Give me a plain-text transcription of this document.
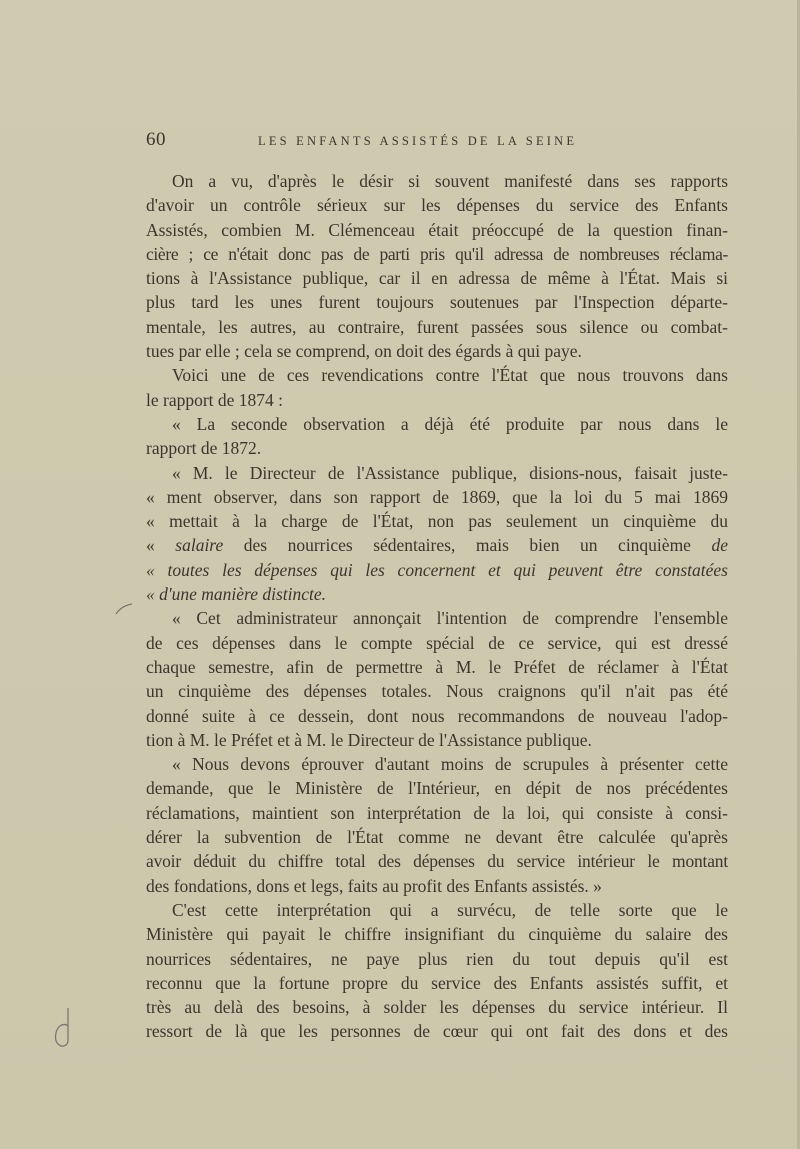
60	LES ENFANTS ASSISTÉS DE LA SEINE
On a vu, d'après le désir si souvent manifesté dans ses rapports
d'avoir un contrôle sérieux sur les dépenses du service des Enfants
Assistés, combien M. Clémenceau était préoccupé de la question finan-
cière ; ce n'était donc pas de parti pris qu'il adressa de nombreuses réclama-
tions à l'Assistance publique, car il en adressa de même à l'État. Mais si
plus tard les unes furent toujours soutenues par l'Inspection départe-
mentale, les autres, au contraire, furent passées sous silence ou combat-
tues par elle ; cela se comprend, on doit des égards à qui paye.
Voici une de ces revendications contre l'État que nous trouvons dans
le rapport de 1874 :
« La seconde observation a déjà été produite par nous dans le
rapport de 1872.
« M. le Directeur de l'Assistance publique, disions-nous, faisait juste-
« ment observer, dans son rapport de 1869, que la loi du 5 mai 1869
« mettait à la charge de l'État, non pas seulement un cinquième du
« salaire des nourrices sédentaires, mais bien un cinquième de
« toutes les dépenses qui les concernent et qui peuvent être constatées
« d'une manière distincte.
« Cet administrateur annonçait l'intention de comprendre l'ensemble
de ces dépenses dans le compte spécial de ce service, qui est dressé
chaque semestre, afin de permettre à M. le Préfet de réclamer à l'État
un cinquième des dépenses totales. Nous craignons qu'il n'ait pas été
donné suite à ce dessein, dont nous recommandons de nouveau l'adop-
tion à M. le Préfet et à M. le Directeur de l'Assistance publique.
« Nous devons éprouver d'autant moins de scrupules à présenter cette
demande, que le Ministère de l'Intérieur, en dépit de nos précédentes
réclamations, maintient son interprétation de la loi, qui consiste à consi-
dérer la subvention de l'État comme ne devant être calculée qu'après
avoir déduit du chiffre total des dépenses du service intérieur le montant
des fondations, dons et legs, faits au profit des Enfants assistés. »
C'est cette interprétation qui a survécu, de telle sorte que le
Ministère qui payait le chiffre insignifiant du cinquième du salaire des
nourrices sédentaires, ne paye plus rien du tout depuis qu'il est
reconnu que la fortune propre du service des Enfants assistés suffit, et
très au delà des besoins, à solder les dépenses du service intérieur. Il
ressort de là que les personnes de cœur qui ont fait des dons et des
